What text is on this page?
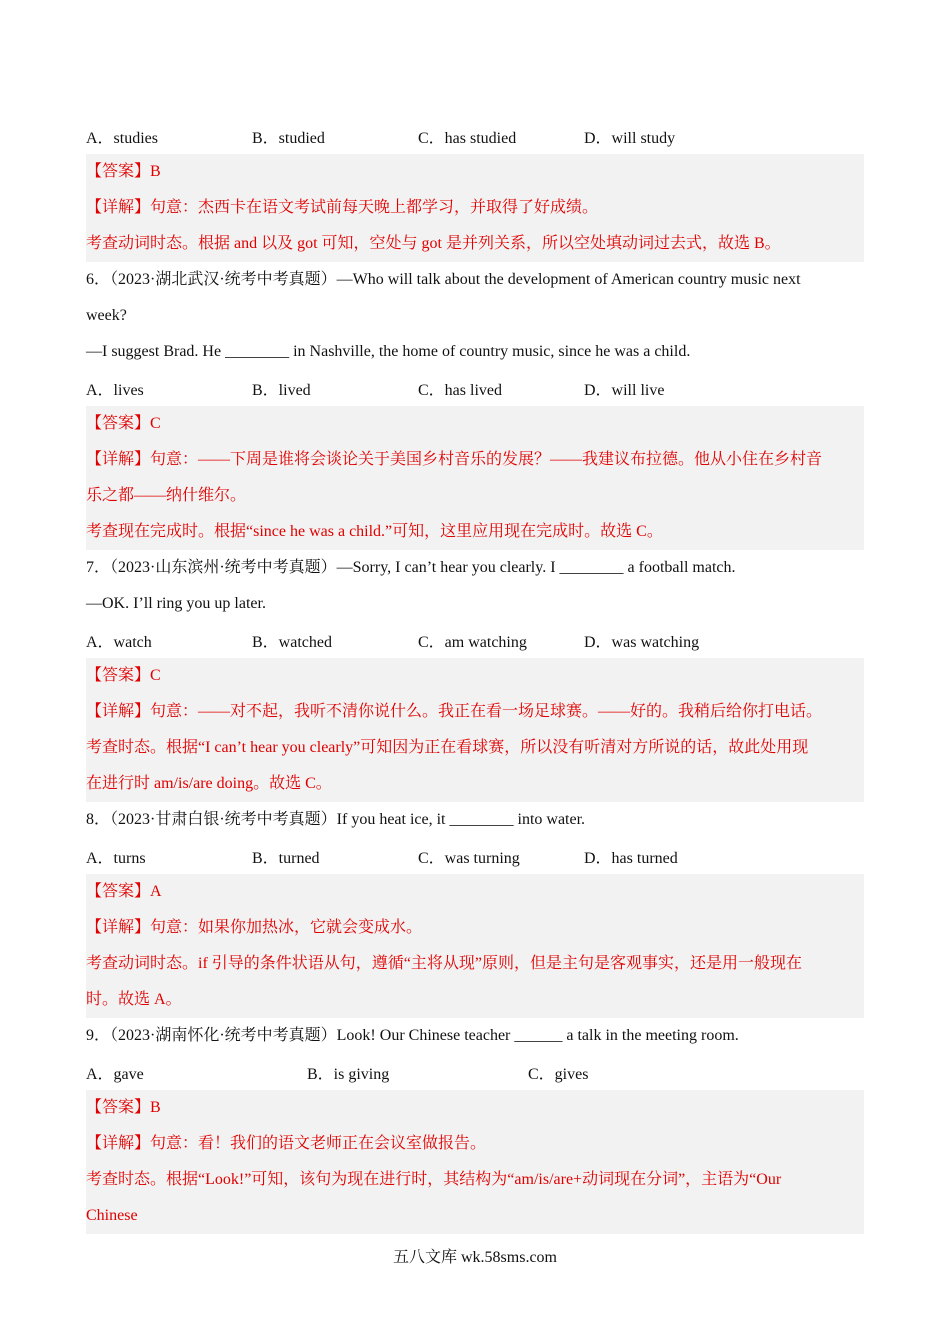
A．studies	B．studied	C．has studied	D．will study
【答案】B
【详解】句意：杰西卡在语文考试前每天晚上都学习，并取得了好成绩。
考查动词时态。根据 and 以及 got 可知，空处与 got 是并列关系，所以空处填动词过去式，故选 B。
6．（2023·湖北武汉·统考中考真题）—Who will talk about the development of American country music next
week?
—I suggest Brad. He ________ in Nashville, the home of country music, since he was a child.
A．lives	B．lived	C．has lived	D．will live
【答案】C
【详解】句意：——下周是谁将会谈论关于美国乡村音乐的发展？——我建议布拉德。他从小住在乡村音
乐之都——纳什维尔。
考查现在完成时。根据“since he was a child.”可知，这里应用现在完成时。故选 C。
7．（2023·山东滨州·统考中考真题）—Sorry, I can’t hear you clearly. I ________ a football match.
—OK. I’ll ring you up later.
A．watch	B．watched	C．am watching	D．was watching
【答案】C
【详解】句意：——对不起，我听不清你说什么。我正在看一场足球赛。——好的。我稍后给你打电话。
考查时态。根据“I can’t hear you clearly”可知因为正在看球赛，所以没有听清对方所说的话，故此处用现
在进行时 am/is/are doing。故选 C。
8．（2023·甘肃白银·统考中考真题）If you heat ice, it ________ into water.
A．turns	B．turned	C．was turning	D．has turned
【答案】A
【详解】句意：如果你加热冰，它就会变成水。
考查动词时态。if 引导的条件状语从句，遵循“主将从现”原则，但是主句是客观事实，还是用一般现在
时。故选 A。
9．（2023·湖南怀化·统考中考真题）Look! Our Chinese teacher ______ a talk in the meeting room.
A．gave	B．is giving	C．gives
【答案】B
【详解】句意：看！我们的语文老师正在会议室做报告。
考查时态。根据“Look!”可知，该句为现在进行时，其结构为“am/is/are+动词现在分词”，主语为“Our
Chinese
五八文库 wk.58sms.com
